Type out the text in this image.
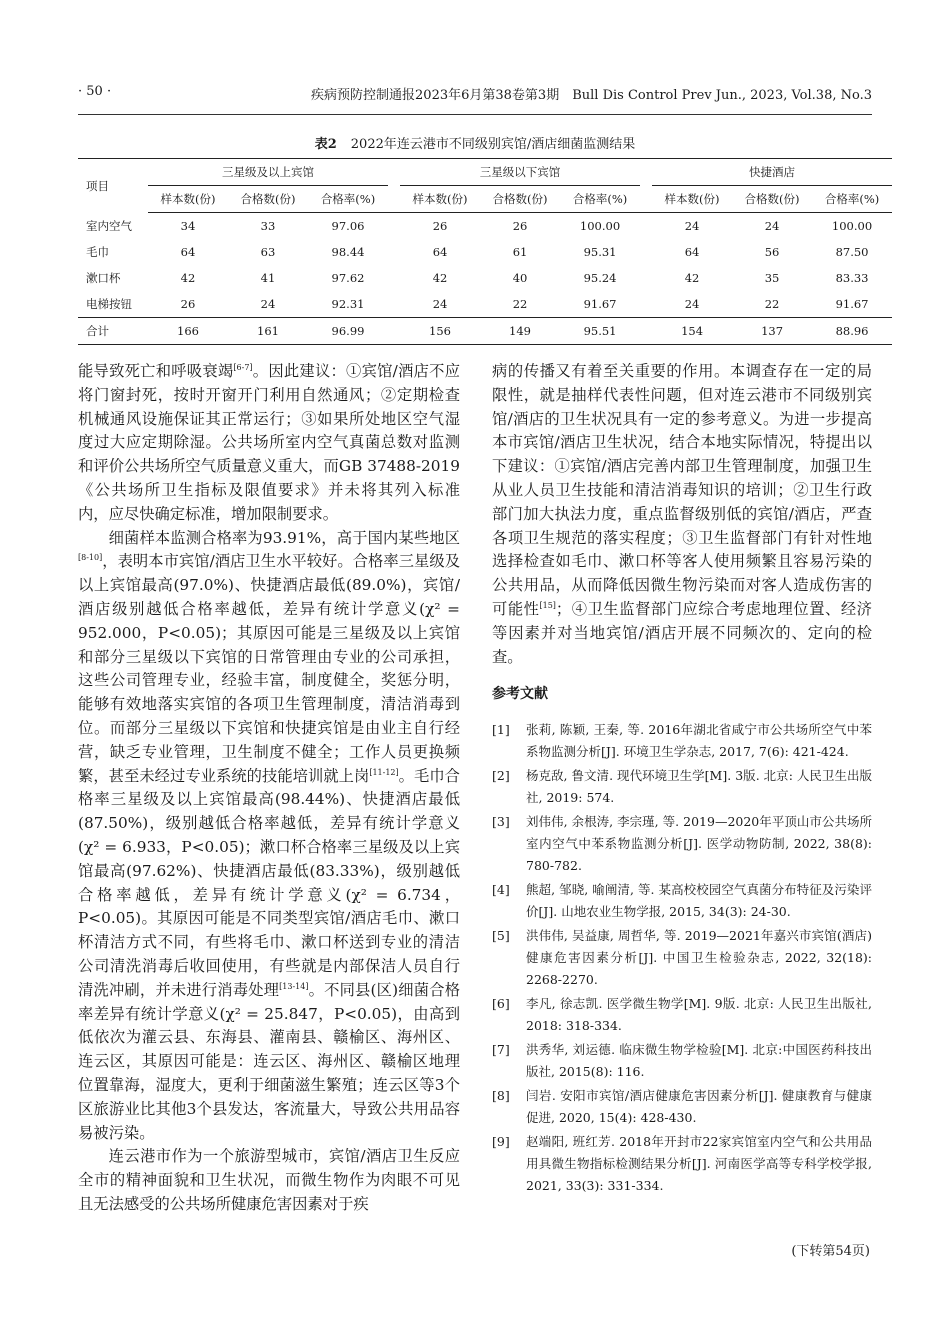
· 50 ·	疾病预防控制通报2023年6月第38卷第3期　Bull Dis Control Prev Jun., 2023, Vol.38, No.3
表2 2022年连云港市不同级别宾馆/酒店细菌监测结果
项目	三星级及以上宾馆				三星级以下宾馆				快捷酒店		
	样本数(份)	合格数(份)	合格率(%)		样本数(份)	合格数(份)	合格率(%)		样本数(份)	合格数(份)	合格率(%)
室内空气	34	33	97.06		26	26	100.00		24	24	100.00
毛巾	64	63	98.44		64	61	95.31		64	56	87.50
漱口杯	42	41	97.62		42	40	95.24		42	35	83.33
电梯按钮	26	24	92.31		24	22	91.67		24	22	91.67
合计	166	161	96.99		156	149	95.51		154	137	88.96

能导致死亡和呼吸衰竭[6-7]。因此建议：①宾馆/酒店不应将门窗封死，按时开窗开门利用自然通风；②定期检查机械通风设施保证其正常运行；③如果所处地区空气湿度过大应定期除湿。公共场所室内空气真菌总数对监测和评价公共场所空气质量意义重大，而GB 37488-2019《公共场所卫生指标及限值要求》并未将其列入标准内，应尽快确定标准，增加限制要求。

细菌样本监测合格率为93.91%，高于国内某些地区[8-10]，表明本市宾馆/酒店卫生水平较好。合格率三星级及以上宾馆最高(97.0%)、快捷酒店最低(89.0%)，宾馆/酒店级别越低合格率越低，差异有统计学意义(χ² = 952.000，P<0.05)；其原因可能是三星级及以上宾馆和部分三星级以下宾馆的日常管理由专业的公司承担，这些公司管理专业，经验丰富，制度健全，奖惩分明，能够有效地落实宾馆的各项卫生管理制度，清洁消毒到位。而部分三星级以下宾馆和快捷宾馆是由业主自行经营，缺乏专业管理，卫生制度不健全；工作人员更换频繁，甚至未经过专业系统的技能培训就上岗[11-12]。毛巾合格率三星级及以上宾馆最高(98.44%)、快捷酒店最低(87.50%)，级别越低合格率越低，差异有统计学意义(χ² = 6.933，P<0.05)；漱口杯合格率三星级及以上宾馆最高(97.62%)、快捷酒店最低(83.33%)，级别越低合格率越低，差异有统计学意义(χ² = 6.734，P<0.05)。其原因可能是不同类型宾馆/酒店毛巾、漱口杯清洁方式不同，有些将毛巾、漱口杯送到专业的清洁公司清洗消毒后收回使用，有些就是内部保洁人员自行清洗冲刷，并未进行消毒处理[13-14]。不同县(区)细菌合格率差异有统计学意义(χ² = 25.847，P<0.05)，由高到低依次为灌云县、东海县、灌南县、赣榆区、海州区、连云区，其原因可能是：连云区、海州区、赣榆区地理位置靠海，湿度大，更利于细菌滋生繁殖；连云区等3个区旅游业比其他3个县发达，客流量大，导致公共用品容易被污染。

连云港市作为一个旅游型城市，宾馆/酒店卫生反应全市的精神面貌和卫生状况，而微生物作为肉眼不可见且无法感受的公共场所健康危害因素对于疾

病的传播又有着至关重要的作用。本调查存在一定的局限性，就是抽样代表性问题，但对连云港市不同级别宾馆/酒店的卫生状况具有一定的参考意义。为进一步提高本市宾馆/酒店卫生状况，结合本地实际情况，特提出以下建议：①宾馆/酒店完善内部卫生管理制度，加强卫生从业人员卫生技能和清洁消毒知识的培训；②卫生行政部门加大执法力度，重点监督级别低的宾馆/酒店，严查各项卫生规范的落实程度；③卫生监督部门有针对性地选择检查如毛巾、漱口杯等客人使用频繁且容易污染的公共用品，从而降低因微生物污染而对客人造成伤害的可能性[15]；④卫生监督部门应综合考虑地理位置、经济等因素并对当地宾馆/酒店开展不同频次的、定向的检查。

参考文献
[1]	张莉, 陈颖, 王秦, 等. 2016年湖北省咸宁市公共场所空气中苯系物监测分析[J]. 环境卫生学杂志, 2017, 7(6): 421-424.
[2]	杨克敌, 鲁文清. 现代环境卫生学[M]. 3版. 北京: 人民卫生出版社, 2019: 574.
[3]	刘伟伟, 余根涛, 李宗瑾, 等. 2019—2020年平顶山市公共场所室内空气中苯系物监测分析[J]. 医学动物防制, 2022, 38(8): 780-782.
[4]	熊超, 邹晓, 喻阐清, 等. 某高校校园空气真菌分布特征及污染评价[J]. 山地农业生物学报, 2015, 34(3): 24-30.
[5]	洪伟伟, 吴益康, 周哲华, 等. 2019—2021年嘉兴市宾馆(酒店)健康危害因素分析[J]. 中国卫生检验杂志, 2022, 32(18): 2268-2270.
[6]	李凡, 徐志凯. 医学微生物学[M]. 9版. 北京: 人民卫生出版社, 2018: 318-334.
[7]	洪秀华, 刘运德. 临床微生物学检验[M]. 北京:中国医药科技出版社, 2015(8): 116.
[8]	闫岩. 安阳市宾馆/酒店健康危害因素分析[J]. 健康教育与健康促进, 2020, 15(4): 428-430.
[9]	赵端阳, 班红芳. 2018年开封市22家宾馆室内空气和公共用品用具微生物指标检测结果分析[J]. 河南医学高等专科学校学报, 2021, 33(3): 331-334.
(下转第54页)
